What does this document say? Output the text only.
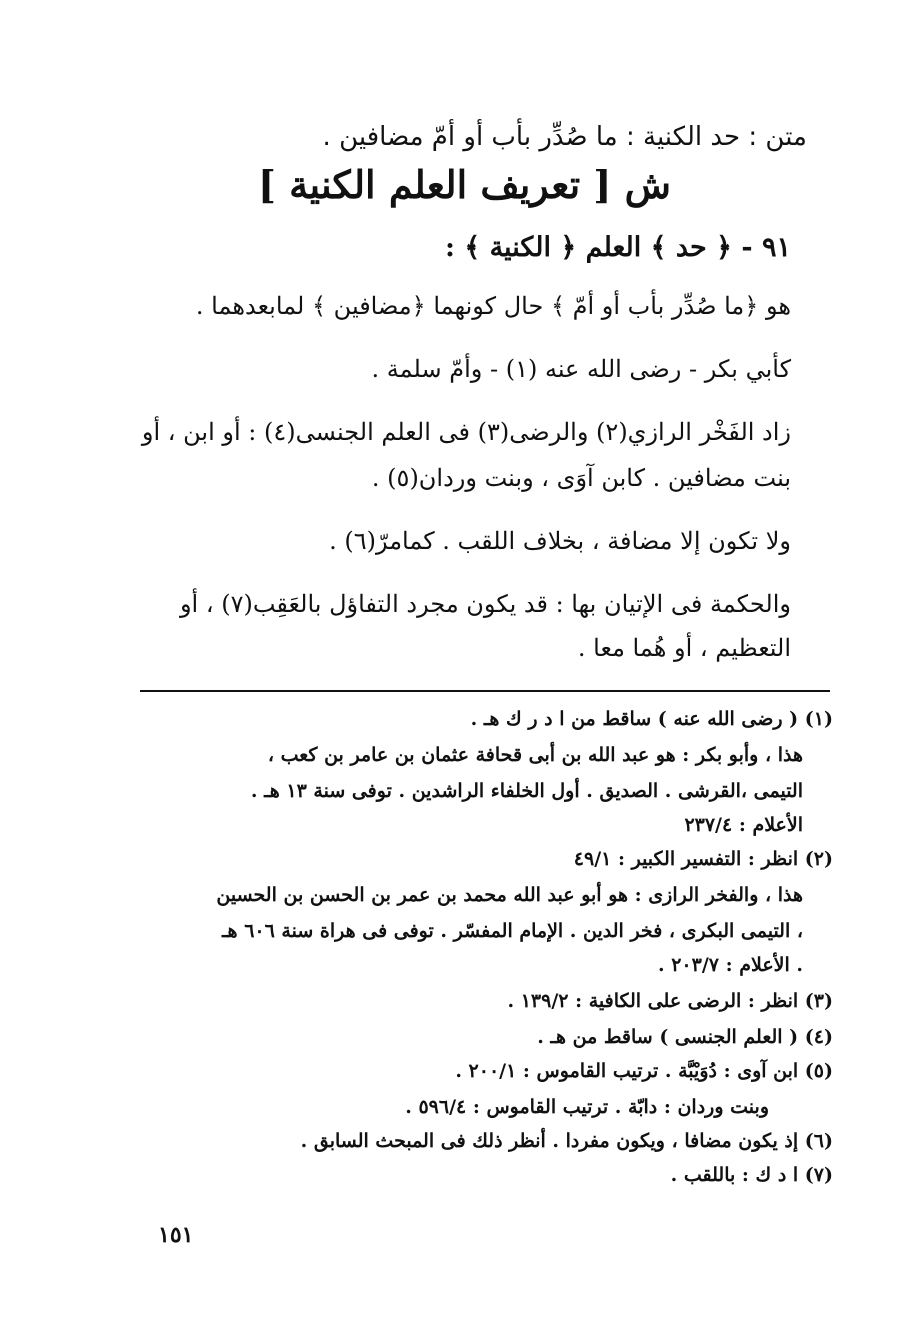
متن : حد الكنية : ما صُدِّر بأب أو أمّ مضافين .
ش [ تعريف العلم الكنية ]
٩١ - ﴿ حد ﴾ العلم ﴿ الكنية ﴾ :
هو ﴿ما صُدِّر بأب أو أمّ ﴾ حال كونهما ﴿مضافين ﴾ لمابعدهما .
كأبي بكر - رضى الله عنه (١) - وأمّ سلمة .
زاد الفَخْر الرازي(٢) والرضى(٣) فى العلم الجنسى(٤) : أو ابن ، أو
بنت مضافين . كابن آوَى ، وبنت وردان(٥) .
ولا تكون إلا مضافة ، بخلاف اللقب . كمامرّ(٦) .
والحكمة فى الإتيان بها : قد يكون مجرد التفاؤل بالعَقِب(٧) ، أو
التعظيم ، أو هُما معا .
(١) ( رضى الله عنه ) ساقط من ا د ر ك هـ .
هذا ، وأبو بكر : هو عبد الله بن أبى قحافة عثمان بن عامر بن كعب ،
التيمى ،القرشى . الصديق . أول الخلفاء الراشدين . توفى سنة ١٣ هـ .
الأعلام : ٢٣٧/٤
(٢) انظر : التفسير الكبير : ٤٩/١
هذا ، والفخر الرازى : هو أبو عبد الله محمد بن عمر بن الحسن بن الحسين
، التيمى البكرى ، فخر الدين . الإمام المفسّر . توفى فى هراة سنة ٦٠٦ هـ
. الأعلام : ٢٠٣/٧ .
(٣) انظر : الرضى على الكافية : ١٣٩/٢ .
(٤) ( العلم الجنسى ) ساقط من هـ .
(٥) ابن آوى : دُوَيْبَّة . ترتيب القاموس : ٢٠٠/١ .
وبنت وردان : دابّة . ترتيب القاموس : ٥٩٦/٤ .
(٦) إذ يكون مضافا ، ويكون مفردا . أنظر ذلك فى المبحث السابق .
(٧) ا د ك : باللقب .
١٥١
